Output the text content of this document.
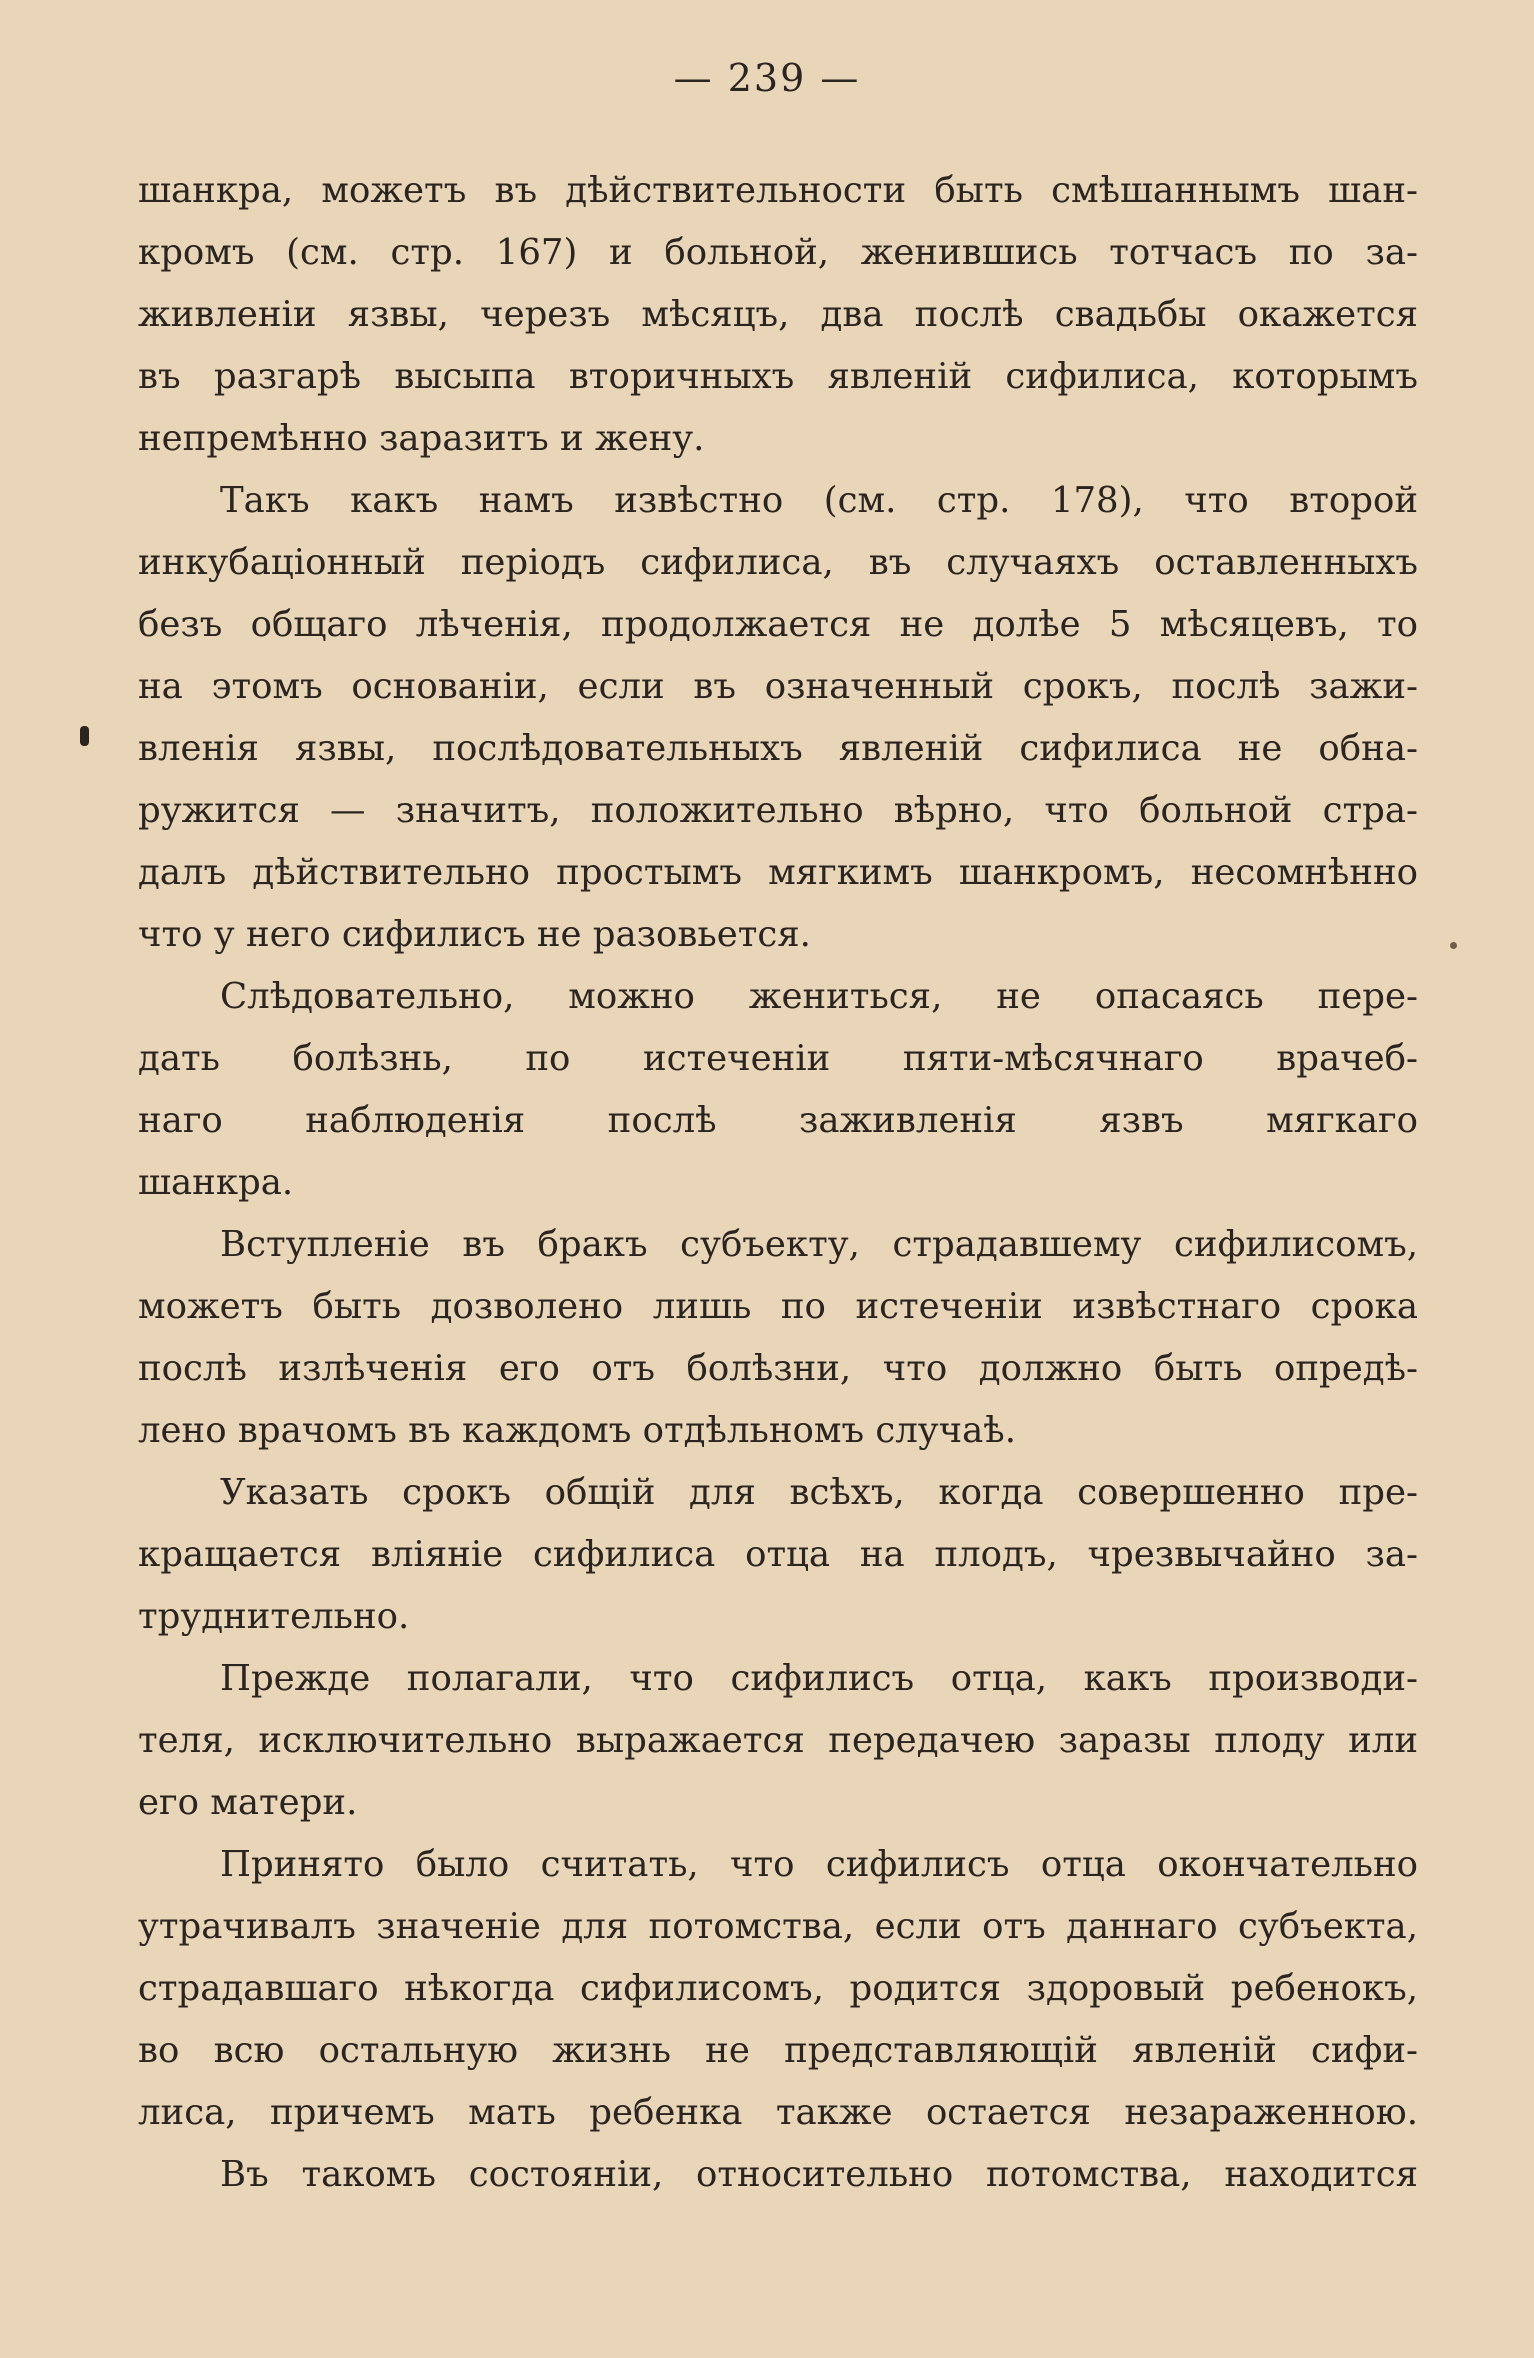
— 239 —
шанкра, можетъ въ дѣйствительности быть смѣшаннымъ шан-
кромъ (см. стр. 167) и больной, женившись тотчасъ по за-
живленіи язвы, черезъ мѣсяцъ, два послѣ свадьбы окажется
въ разгарѣ высыпа вторичныхъ явленій сифилиса, которымъ
непремѣнно заразитъ и жену.
Такъ какъ намъ извѣстно (см. стр. 178), что второй
инкубаціонный періодъ сифилиса, въ случаяхъ оставленныхъ
безъ общаго лѣченія, продолжается не долѣе 5 мѣсяцевъ, то
на этомъ основаніи, если въ означенный срокъ, послѣ зажи-
вленія язвы, послѣдовательныхъ явленій сифилиса не обна-
ружится — значитъ, положительно вѣрно, что больной стра-
далъ дѣйствительно простымъ мягкимъ шанкромъ, несомнѣнно
что у него сифилисъ не разовьется.
Слѣдовательно, можно жениться, не опасаясь пере-
дать болѣзнь, по истеченіи пяти-мѣсячнаго врачеб-
наго наблюденія послѣ заживленія язвъ мягкаго
шанкра.
Вступленіе въ бракъ субъекту, страдавшему сифилисомъ,
можетъ быть дозволено лишь по истеченіи извѣстнаго срока
послѣ излѣченія его отъ болѣзни, что должно быть опредѣ-
лено врачомъ въ каждомъ отдѣльномъ случаѣ.
Указать срокъ общій для всѣхъ, когда совершенно пре-
кращается вліяніе сифилиса отца на плодъ, чрезвычайно за-
труднительно.
Прежде полагали, что сифилисъ отца, какъ производи-
теля, исключительно выражается передачею заразы плоду или
его матери.
Принято было считать, что сифилисъ отца окончательно
утрачивалъ значеніе для потомства, если отъ даннаго субъекта,
страдавшаго нѣкогда сифилисомъ, родится здоровый ребенокъ,
во всю остальную жизнь не представляющій явленій сифи-
лиса, причемъ мать ребенка также остается незараженною.
Въ такомъ состояніи, относительно потомства, находится
